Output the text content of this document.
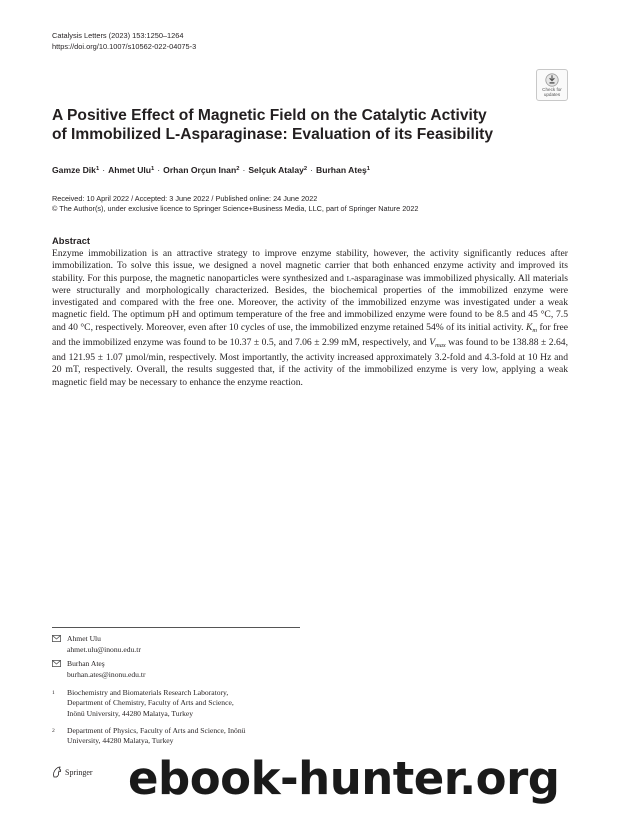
Catalysis Letters (2023) 153:1250–1264
https://doi.org/10.1007/s10562-022-04075-3
Check for
updates
A Positive Effect of Magnetic Field on the Catalytic Activity
of Immobilized L-Asparaginase: Evaluation of its Feasibility
Gamze Dik$^1$ · Ahmet Ulu$^1$ · Orhan Orçun Inan$^2$ · Selçuk Atalay$^2$ · Burhan Ateş$^1$
Received: 10 April 2022 / Accepted: 3 June 2022 / Published online: 24 June 2022
© The Author(s), under exclusive licence to Springer Science+Business Media, LLC, part of Springer Nature 2022
Abstract
Enzyme immobilization is an attractive strategy to improve enzyme stability, however, the activity significantly reduces after immobilization. To solve this issue, we designed a novel magnetic carrier that both enhanced enzyme activity and improved its stability. For this purpose, the magnetic nanoparticles were synthesized and L-asparaginase was immobilized physically. All materials were structurally and morphologically characterized. Besides, the biochemical properties of the immobilized enzyme were investigated and compared with the free one. Moreover, the activity of the immobilized enzyme was investigated under a weak magnetic field. The optimum pH and optimum temperature of the free and immobilized enzyme were found to be 8.5 and 45 °C, 7.5 and 40 °C, respectively. Moreover, even after 10 cycles of use, the immobilized enzyme retained 54% of its initial activity. $K_m$ for free and the immobilized enzyme was found to be 10.37 ± 0.5, and 7.06 ± 2.99 mM, respectively, and $V_{max}$ was found to be 138.88 ± 2.64, and 121.95 ± 1.07 µmol/min, respectively. Most importantly, the activity increased approximately 3.2-fold and 4.3-fold at 10 Hz and 20 mT, respectively. Overall, the results suggested that, if the activity of the immobilized enzyme is very low, applying a weak magnetic field may be necessary to enhance the enzyme reaction.
Ahmet Ulu
ahmet.ulu@inonu.edu.tr
Burhan Ateş
burhan.ates@inonu.edu.tr
1 Biochemistry and Biomaterials Research Laboratory,
Department of Chemistry, Faculty of Arts and Science,
Inönü University, 44280 Malatya, Turkey
2 Department of Physics, Faculty of Arts and Science, Inönü
University, 44280 Malatya, Turkey
Springer ebook-hunter.org
